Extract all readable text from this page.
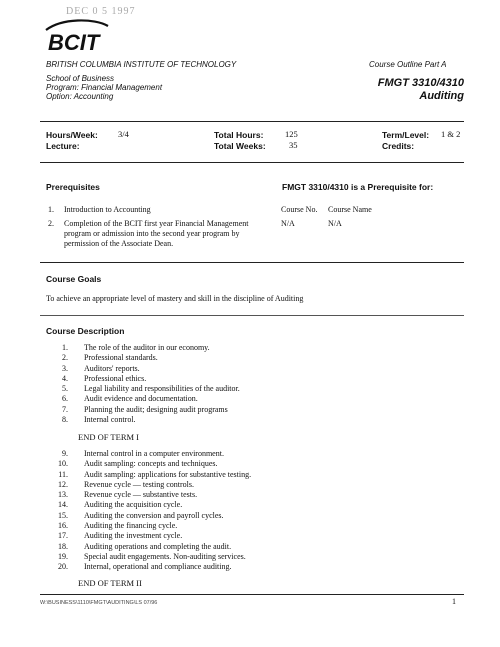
DEC 0 5 1997
BCIT
BRITISH COLUMBIA INSTITUTE OF TECHNOLOGY	Course Outline Part A
School of Business
Program: Financial Management
Option: Accounting
FMGT 3310/4310
Auditing
Hours/Week: 3/4
Lecture:
Total Hours:	125
Total Weeks:	35
Term/Level: 1 & 2
Credits:
Prerequisites	FMGT 3310/4310 is a Prerequisite for:
1. Introduction to Accounting
2. Completion of the BCIT first year Financial Management
program or admission into the second year program by
permission of the Associate Dean.
Course No. Course Name
N/A	N/A
Course Goals
To achieve an appropriate level of mastery and skill in the discipline of Auditing
Course Description
1. The role of the auditor in our economy.
2. Professional standards.
3. Auditors' reports.
4. Professional ethics.
5. Legal liability and responsibilities of the auditor.
6. Audit evidence and documentation.
7. Planning the audit; designing audit programs
8. Internal control.
END OF TERM I
9. Internal control in a computer environment.
10. Audit sampling: concepts and techniques.
11. Audit sampling: applications for substantive testing.
12. Revenue cycle — testing controls.
13. Revenue cycle — substantive tests.
14. Auditing the acquisition cycle.
15. Auditing the conversion and payroll cycles.
16. Auditing the financing cycle.
17. Auditing the investment cycle.
18. Auditing operations and completing the audit.
19. Special audit engagements. Non-auditing services.
20. Internal, operational and compliance auditing.
END OF TERM II
W:\BUSINESS\1110\FMGT\AUDITING\LS 07/96	1
